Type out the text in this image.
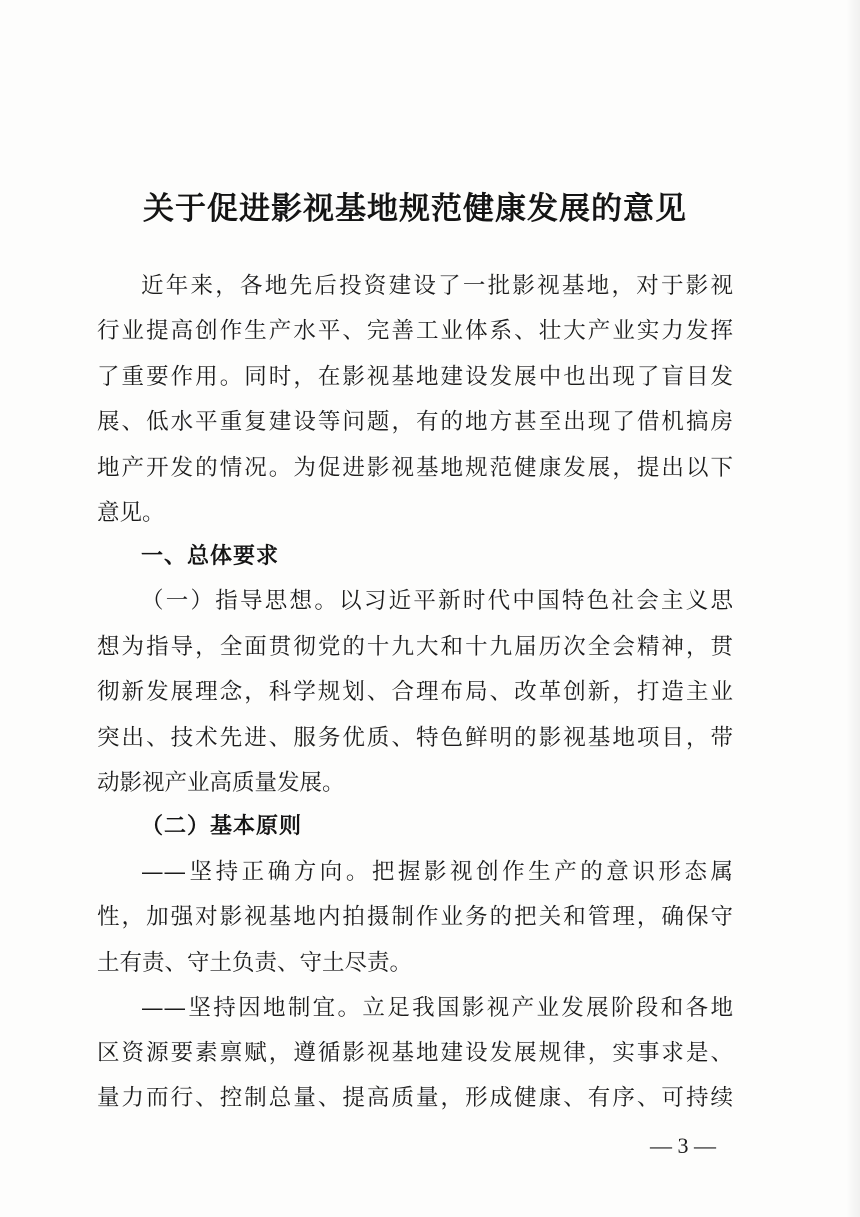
关于促进影视基地规范健康发展的意见

近年来，各地先后投资建设了一批影视基地，对于影视

行业提高创作生产水平、完善工业体系、壮大产业实力发挥

了重要作用。同时，在影视基地建设发展中也出现了盲目发

展、低水平重复建设等问题，有的地方甚至出现了借机搞房

地产开发的情况。为促进影视基地规范健康发展，提出以下

意见。

一、总体要求

（一）指导思想。以习近平新时代中国特色社会主义思

想为指导，全面贯彻党的十九大和十九届历次全会精神，贯

彻新发展理念，科学规划、合理布局、改革创新，打造主业

突出、技术先进、服务优质、特色鲜明的影视基地项目，带

动影视产业高质量发展。

（二）基本原则

——坚持正确方向。把握影视创作生产的意识形态属

性，加强对影视基地内拍摄制作业务的把关和管理，确保守

土有责、守土负责、守土尽责。

——坚持因地制宜。立足我国影视产业发展阶段和各地

区资源要素禀赋，遵循影视基地建设发展规律，实事求是、

量力而行、控制总量、提高质量，形成健康、有序、可持续

— 3 —
